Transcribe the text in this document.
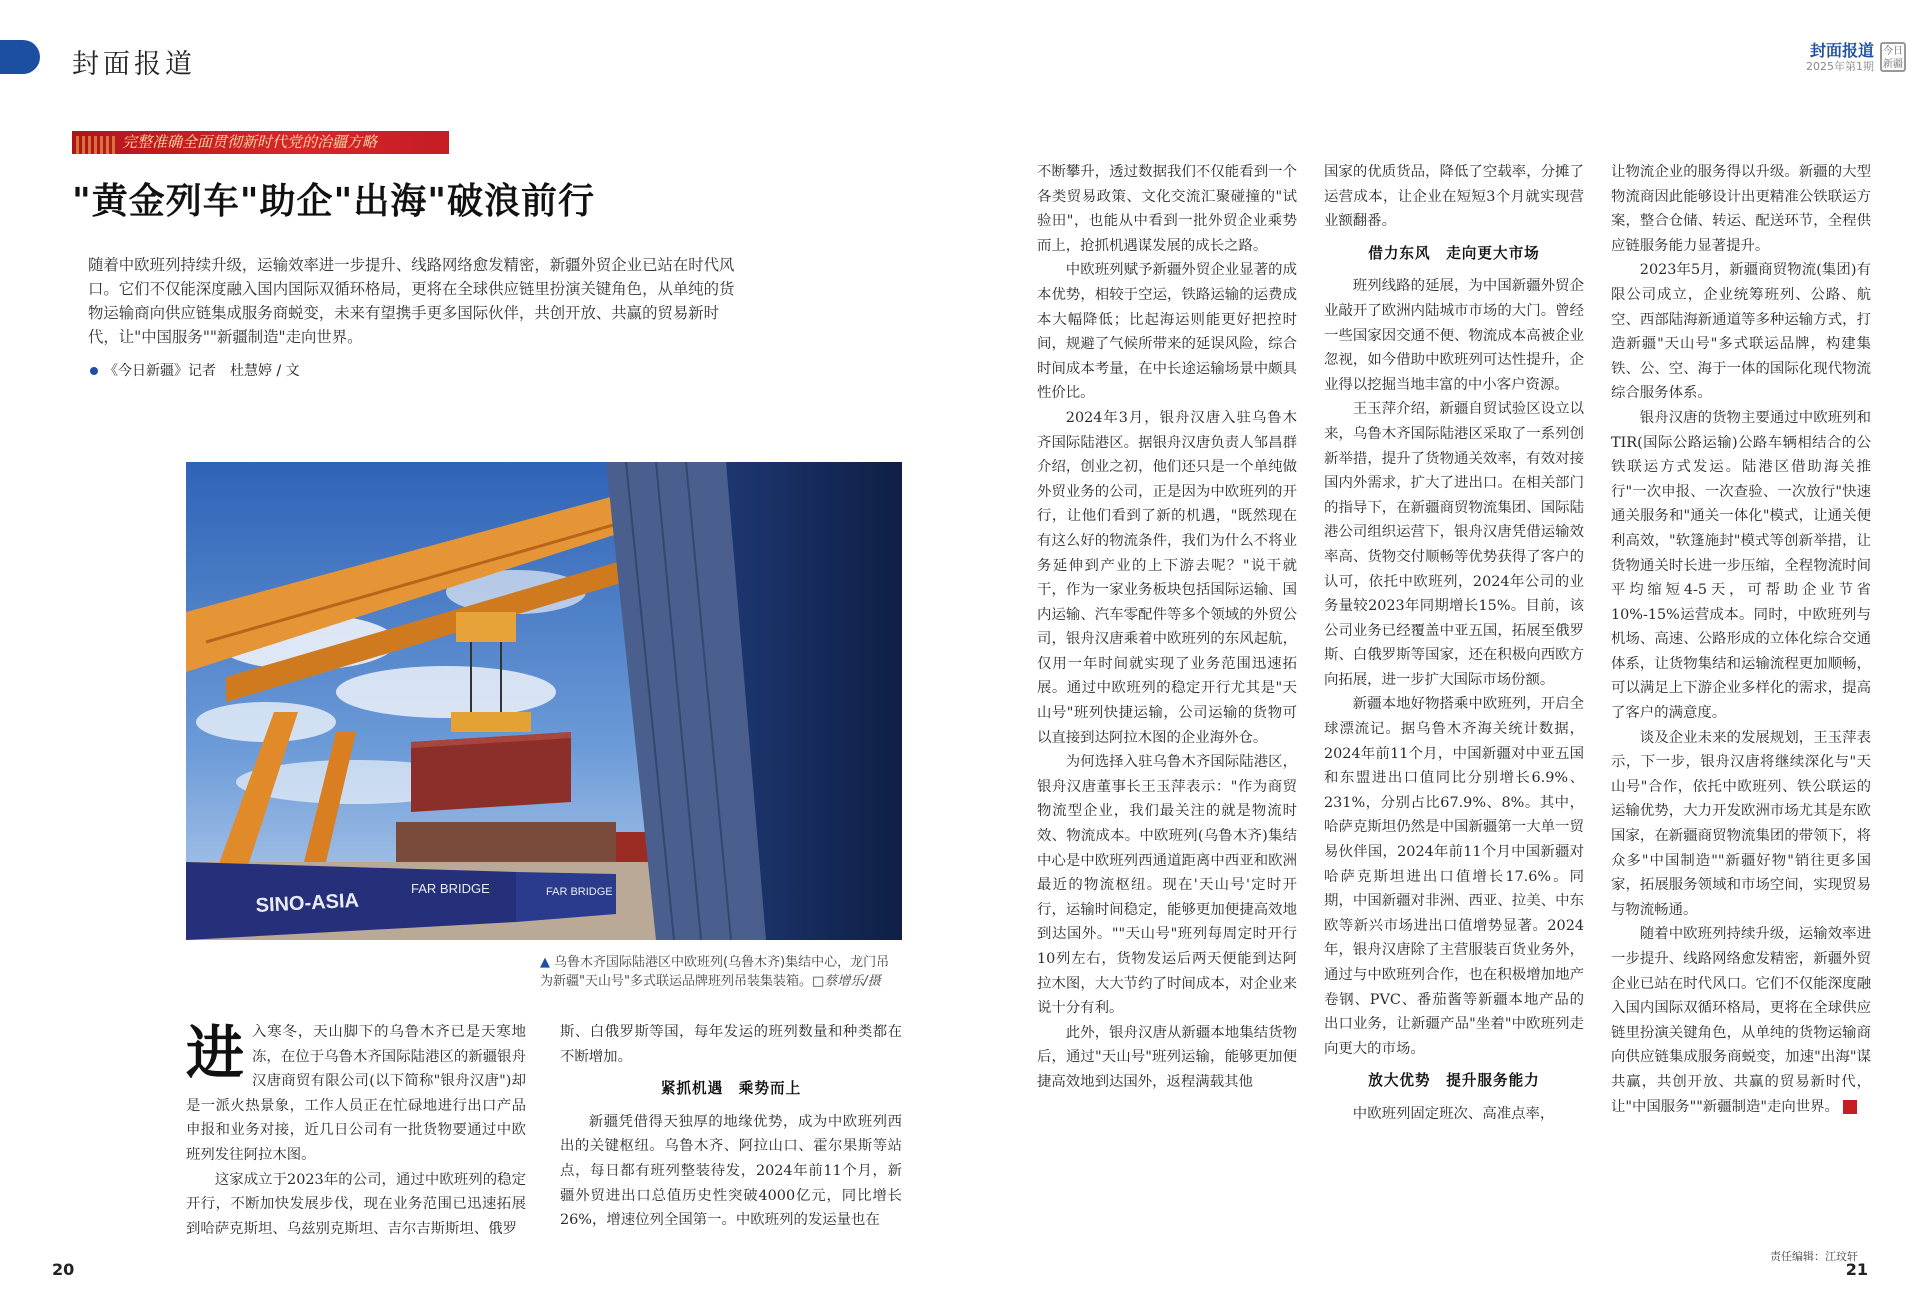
封面报道	封面报道
2025年第1期
今日
新疆
完整准确全面贯彻新时代党的治疆方略
"黄金列车"助企"出海"破浪前行
随着中欧班列持续升级，运输效率进一步提升、线路网络愈发精密，新疆外贸企业已站在时代风口。它们不仅能深度融入国内国际双循环格局，更将在全球供应链里扮演关键角色，从单纯的货物运输商向供应链集成服务商蜕变，未来有望携手更多国际伙伴，共创开放、共赢的贸易新时代，让"中国服务""新疆制造"走向世界。
《今日新疆》记者　杜慧婷 / 文
SINO-ASIA
FAR BRIDGE	FAR BRIDGE
▲ 乌鲁木齐国际陆港区中欧班列(乌鲁木齐)集结中心，龙门吊为新疆"天山号"多式联运品牌班列吊装集装箱。□蔡增乐/摄

进入寒冬，天山脚下的乌鲁木齐已是天寒地冻，在位于乌鲁木齐国际陆港区的新疆银舟汉唐商贸有限公司(以下简称"银舟汉唐")却是一派火热景象，工作人员正在忙碌地进行出口产品申报和业务对接，近几日公司有一批货物要通过中欧班列发往阿拉木图。

这家成立于2023年的公司，通过中欧班列的稳定开行，不断加快发展步伐，现在业务范围已迅速拓展到哈萨克斯坦、乌兹别克斯坦、吉尔吉斯斯坦、俄罗

斯、白俄罗斯等国，每年发运的班列数量和种类都在不断增加。

紧抓机遇　乘势而上

新疆凭借得天独厚的地缘优势，成为中欧班列西出的关键枢纽。乌鲁木齐、阿拉山口、霍尔果斯等站点，每日都有班列整装待发，2024年前11个月，新疆外贸进出口总值历史性突破4000亿元，同比增长26%，增速位列全国第一。中欧班列的发运量也在

不断攀升，透过数据我们不仅能看到一个各类贸易政策、文化交流汇聚碰撞的"试验田"，也能从中看到一批外贸企业乘势而上，抢抓机遇谋发展的成长之路。

中欧班列赋予新疆外贸企业显著的成本优势，相较于空运，铁路运输的运费成本大幅降低；比起海运则能更好把控时间，规避了气候所带来的延误风险，综合时间成本考量，在中长途运输场景中颇具性价比。

2024年3月，银舟汉唐入驻乌鲁木齐国际陆港区。据银舟汉唐负责人邹昌群介绍，创业之初，他们还只是一个单纯做外贸业务的公司，正是因为中欧班列的开行，让他们看到了新的机遇，"既然现在有这么好的物流条件，我们为什么不将业务延伸到产业的上下游去呢？"说干就干，作为一家业务板块包括国际运输、国内运输、汽车零配件等多个领域的外贸公司，银舟汉唐乘着中欧班列的东风起航，仅用一年时间就实现了业务范围迅速拓展。通过中欧班列的稳定开行尤其是"天山号"班列快捷运输，公司运输的货物可以直接到达阿拉木图的企业海外仓。

为何选择入驻乌鲁木齐国际陆港区，银舟汉唐董事长王玉萍表示："作为商贸物流型企业，我们最关注的就是物流时效、物流成本。中欧班列(乌鲁木齐)集结中心是中欧班列西通道距离中西亚和欧洲最近的物流枢纽。现在'天山号'定时开行，运输时间稳定，能够更加便捷高效地到达国外。""天山号"班列每周定时开行10列左右，货物发运后两天便能到达阿拉木图，大大节约了时间成本，对企业来说十分有利。

此外，银舟汉唐从新疆本地集结货物后，通过"天山号"班列运输，能够更加便捷高效地到达国外，返程满载其他

国家的优质货品，降低了空载率，分摊了运营成本，让企业在短短3个月就实现营业额翻番。

借力东风　走向更大市场

班列线路的延展，为中国新疆外贸企业敲开了欧洲内陆城市市场的大门。曾经一些国家因交通不便、物流成本高被企业忽视，如今借助中欧班列可达性提升，企业得以挖掘当地丰富的中小客户资源。

王玉萍介绍，新疆自贸试验区设立以来，乌鲁木齐国际陆港区采取了一系列创新举措，提升了货物通关效率，有效对接国内外需求，扩大了进出口。在相关部门的指导下，在新疆商贸物流集团、国际陆港公司组织运营下，银舟汉唐凭借运输效率高、货物交付顺畅等优势获得了客户的认可，依托中欧班列，2024年公司的业务量较2023年同期增长15%。目前，该公司业务已经覆盖中亚五国，拓展至俄罗斯、白俄罗斯等国家，还在积极向西欧方向拓展，进一步扩大国际市场份额。

新疆本地好物搭乘中欧班列，开启全球漂流记。据乌鲁木齐海关统计数据，2024年前11个月，中国新疆对中亚五国和东盟进出口值同比分别增长6.9%、231%，分别占比67.9%、8%。其中，哈萨克斯坦仍然是中国新疆第一大单一贸易伙伴国，2024年前11个月中国新疆对哈萨克斯坦进出口值增长17.6%。同期，中国新疆对非洲、西亚、拉美、中东欧等新兴市场进出口值增势显著。2024年，银舟汉唐除了主营服装百货业务外，通过与中欧班列合作，也在积极增加地产卷钢、PVC、番茄酱等新疆本地产品的出口业务，让新疆产品"坐着"中欧班列走向更大的市场。

放大优势　提升服务能力

中欧班列固定班次、高准点率，

让物流企业的服务得以升级。新疆的大型物流商因此能够设计出更精准公铁联运方案，整合仓储、转运、配送环节，全程供应链服务能力显著提升。

2023年5月，新疆商贸物流(集团)有限公司成立，企业统筹班列、公路、航空、西部陆海新通道等多种运输方式，打造新疆"天山号"多式联运品牌，构建集铁、公、空、海于一体的国际化现代物流综合服务体系。

银舟汉唐的货物主要通过中欧班列和TIR(国际公路运输)公路车辆相结合的公铁联运方式发运。陆港区借助海关推行"一次申报、一次查验、一次放行"快速通关服务和"通关一体化"模式，让通关便利高效，"软篷施封"模式等创新举措，让货物通关时长进一步压缩，全程物流时间平均缩短4-5天，可帮助企业节省10%-15%运营成本。同时，中欧班列与机场、高速、公路形成的立体化综合交通体系，让货物集结和运输流程更加顺畅，可以满足上下游企业多样化的需求，提高了客户的满意度。

谈及企业未来的发展规划，王玉萍表示，下一步，银舟汉唐将继续深化与"天山号"合作，依托中欧班列、铁公联运的运输优势，大力开发欧洲市场尤其是东欧国家，在新疆商贸物流集团的带领下，将众多"中国制造""新疆好物"销往更多国家，拓展服务领域和市场空间，实现贸易与物流畅通。

随着中欧班列持续升级，运输效率进一步提升、线路网络愈发精密，新疆外贸企业已站在时代风口。它们不仅能深度融入国内国际双循环格局，更将在全球供应链里扮演关键角色，从单纯的货物运输商向供应链集成服务商蜕变，加速"出海"谋共赢，共创开放、共赢的贸易新时代，让"中国服务""新疆制造"走向世界。

20	21
责任编辑：江玟轩
